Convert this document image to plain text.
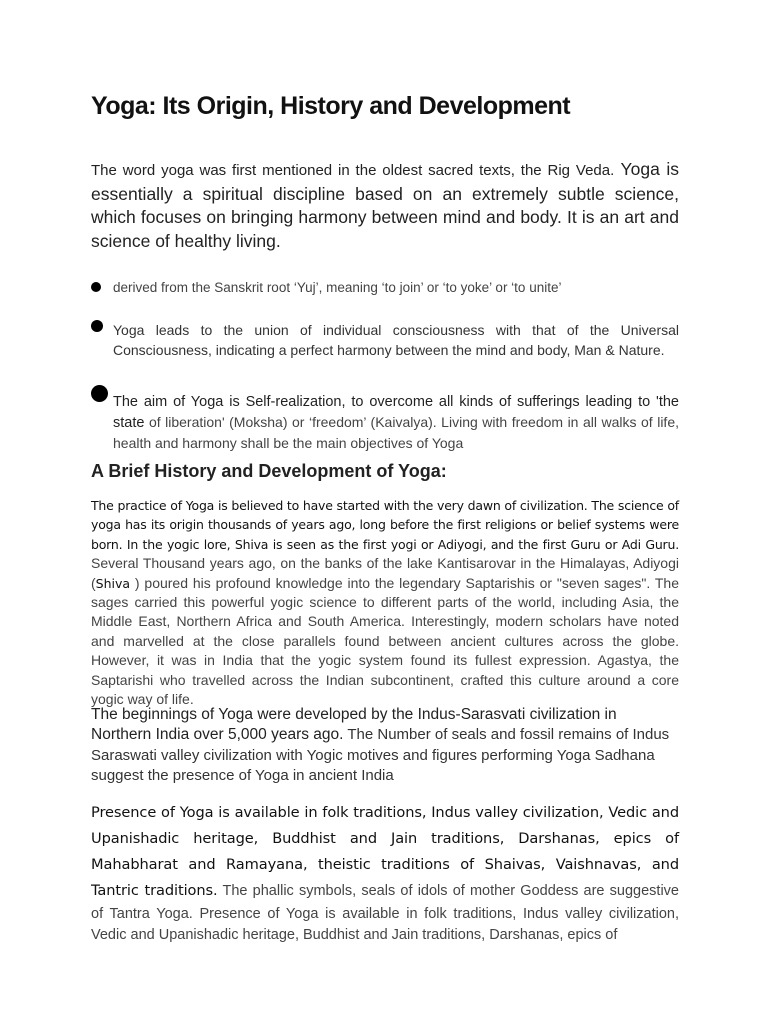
Yoga: Its Origin, History and Development

The word yoga was first mentioned in the oldest sacred texts, the Rig Veda. Yoga is essentially a spiritual discipline based on an extremely subtle science, which focuses on bringing harmony between mind and body. It is an art and science of healthy living.

derived from the Sanskrit root ‘Yuj’, meaning ‘to join’ or ‘to yoke’ or ‘to unite’
Yoga leads to the union of individual consciousness with that of the Universal Consciousness, indicating a perfect harmony between the mind and body, Man & Nature.
The aim of Yoga is Self-realization, to overcome all kinds of sufferings leading to 'the state of liberation' (Moksha) or ‘freedom’ (Kaivalya). Living with freedom in all walks of life, health and harmony shall be the main objectives of Yoga
A Brief History and Development of Yoga:

The practice of Yoga is believed to have started with the very dawn of civilization. The science of yoga has its origin thousands of years ago, long before the first religions or belief systems were born. In the yogic lore, Shiva is seen as the first yogi or Adiyogi, and the first Guru or Adi Guru. Several Thousand years ago, on the banks of the lake Kantisarovar in the Himalayas, Adiyogi (Shiva ) poured his profound knowledge into the legendary Saptarishis or "seven sages". The sages carried this powerful yogic science to different parts of the world, including Asia, the Middle East, Northern Africa and South America. Interestingly, modern scholars have noted and marvelled at the close parallels found between ancient cultures across the globe. However, it was in India that the yogic system found its fullest expression. Agastya, the Saptarishi who travelled across the Indian subcontinent, crafted this culture around a core yogic way of life.

The beginnings of Yoga were developed by the Indus-Sarasvati civilization in Northern India over 5,000 years ago. The Number of seals and fossil remains of Indus Saraswati valley civilization with Yogic motives and figures performing Yoga Sadhana suggest the presence of Yoga in ancient India

Presence of Yoga is available in folk traditions, Indus valley civilization, Vedic and Upanishadic heritage, Buddhist and Jain traditions, Darshanas, epics of Mahabharat and Ramayana, theistic traditions of Shaivas, Vaishnavas, and Tantric traditions. The phallic symbols, seals of idols of mother Goddess are suggestive of Tantra Yoga. Presence of Yoga is available in folk traditions, Indus valley civilization, Vedic and Upanishadic heritage, Buddhist and Jain traditions, Darshanas, epics of
